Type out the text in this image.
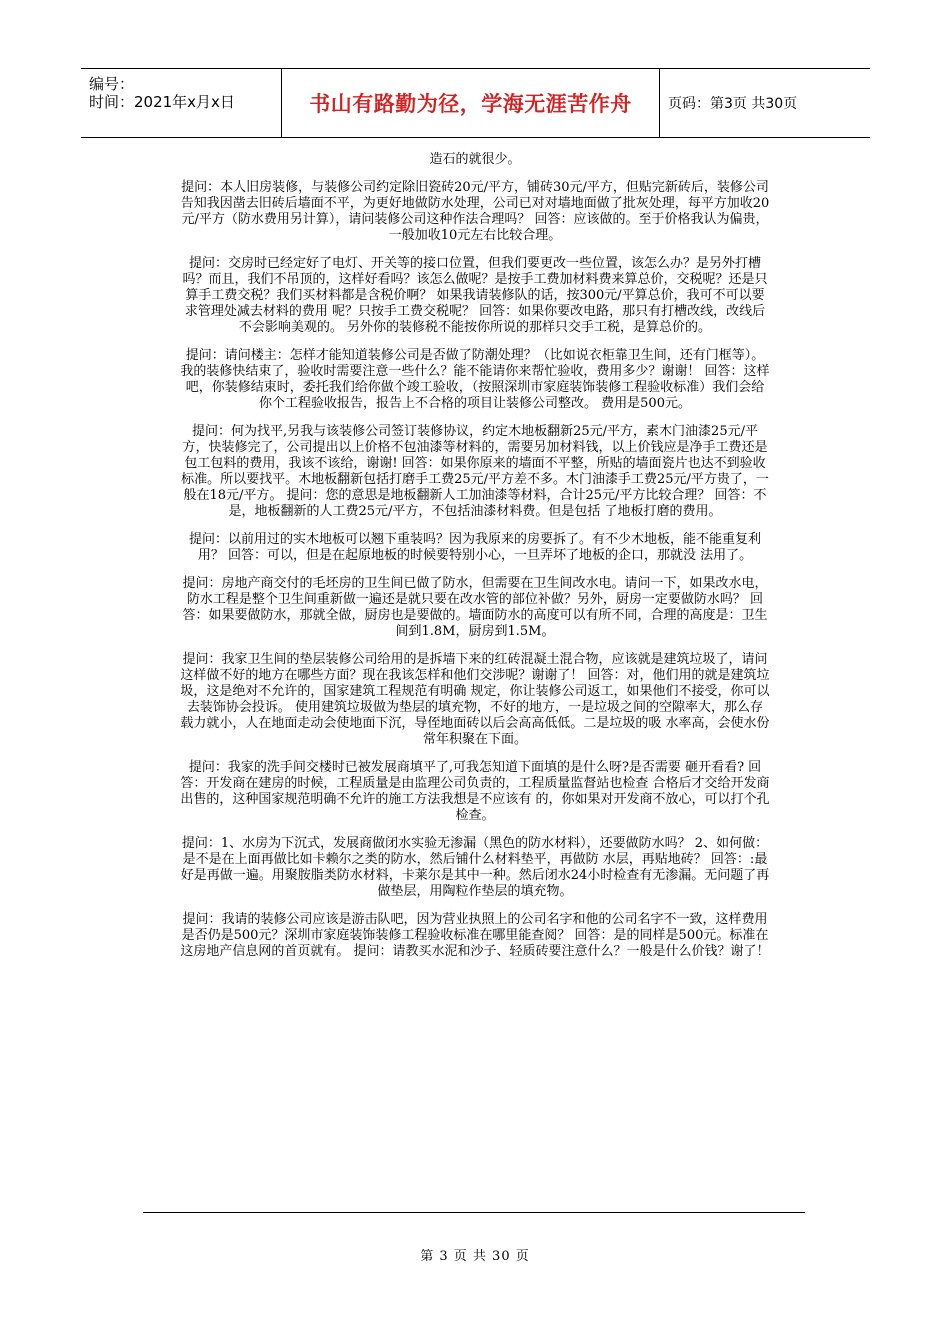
编号：
时间：2021年x月x日	书山有路勤为径，学海无涯苦作舟	页码：第3页 共30页

造石的就很少。

提问：本人旧房装修，与装修公司约定除旧瓷砖20元/平方，铺砖30元/平方，但贴完新砖后，装修公司告知我因凿去旧砖后墙面不平，为更好地做防水处理，公司已对对墙地面做了批灰处理，每平方加收20元/平方（防水费用另计算），请问装修公司这种作法合理吗？ 回答：应该做的。至于价格我认为偏贵，一般加收10元左右比较合理。

提问：交房时已经定好了电灯、开关等的接口位置，但我们要更改一些位置，该怎么办？是另外打槽吗？而且，我们不吊顶的，这样好看吗？该怎么做呢？是按手工费加材料费来算总价，交税呢？还是只算手工费交税？我们买材料都是含税价啊？ 如果我请装修队的话，按300元/平算总价，我可不可以要求管理处减去材料的费用 呢？只按手工费交税呢？ 回答：如果你要改电路，那只有打槽改线，改线后不会影响美观的。 另外你的装修税不能按你所说的那样只交手工税，是算总价的。

提问：请问楼主：怎样才能知道装修公司是否做了防潮处理？（比如说衣柜靠卫生间，还有门框等）。我的装修快结束了，验收时需要注意一些什么？能不能请你来帮忙验收，费用多少？谢谢！ 回答：这样吧，你装修结束时，委托我们给你做个竣工验收，（按照深圳市家庭装饰装修工程验收标准）我们会给你个工程验收报告，报告上不合格的项目让装修公司整改。 费用是500元。

提问：何为找平,另我与该装修公司签订装修协议，约定木地板翻新25元/平方，素木门油漆25元/平方，快装修完了，公司提出以上价格不包油漆等材料的，需要另加材料钱，以上价钱应是净手工费还是包工包料的费用，我该不该给，谢谢! 回答：如果你原来的墙面不平整，所贴的墙面瓷片也达不到验收标准。所以要找平。木地板翻新包括打磨手工费25元/平方差不多。木门油漆手工费25元/平方贵了，一般在18元/平方。 提问：您的意思是地板翻新人工加油漆等材料，合计25元/平方比较合理？ 回答：不是，地板翻新的人工费25元/平方，不包括油漆材料费。但是包括 了地板打磨的费用。

提问：以前用过的实木地板可以翘下重装吗？因为我原来的房要拆了。有不少木地板，能不能重复利用？ 回答：可以，但是在起原地板的时候要特别小心，一旦弄坏了地板的企口，那就没 法用了。

提问：房地产商交付的毛坯房的卫生间已做了防水，但需要在卫生间改水电。请问一下，如果改水电，防水工程是整个卫生间重新做一遍还是就只要在改水管的部位补做？另外，厨房一定要做防水吗？ 回答：如果要做防水，那就全做，厨房也是要做的。墙面防水的高度可以有所不同，合理的高度是：卫生间到1.8M，厨房到1.5M。

提问：我家卫生间的垫层装修公司给用的是拆墙下来的红砖混凝土混合物，应该就是建筑垃圾了，请问这样做不好的地方在哪些方面？现在我该怎样和他们交涉呢？谢谢了！ 回答：对，他们用的就是建筑垃圾，这是绝对不允许的，国家建筑工程规范有明确 规定，你让装修公司返工，如果他们不接受，你可以去装饰协会投诉。 使用建筑垃圾做为垫层的填充物，不好的地方，一是垃圾之间的空隙率大，那么存 载力就小，人在地面走动会使地面下沉，导侄地面砖以后会高高低低。二是垃圾的吸 水率高，会使水份常年积聚在下面。

提问：我家的洗手间交楼时已被发展商填平了,可我怎知道下面填的是什么呀?是否需要 砸开看看? 回答：开发商在建房的时候，工程质量是由监理公司负责的，工程质量监督站也检查 合格后才交给开发商出售的，这种国家规范明确不允许的施工方法我想是不应该有 的，你如果对开发商不放心，可以打个孔检查。

提问：1、水房为下沉式，发展商做闭水实验无渗漏（黑色的防水材料），还要做防水吗？ 2、如何做：是不是在上面再做比如卡赖尔之类的防水，然后铺什么材料垫平，再做防 水层，再贴地砖？ 回答：:最好是再做一遍。用聚胺脂类防水材料，卡莱尔是其中一种。然后闭水24小时检查有无渗漏。无问题了再做垫层，用陶粒作垫层的填充物。

提问：我请的装修公司应该是游击队吧，因为营业执照上的公司名字和他的公司名字不一致，这样费用是否仍是500元？深圳市家庭装饰装修工程验收标准在哪里能查阅？ 回答：是的同样是500元。标准在这房地产信息网的首页就有。 提问：请教买水泥和沙子、轻质砖要注意什么？一般是什么价钱？谢了！

第 3 页 共 30 页
